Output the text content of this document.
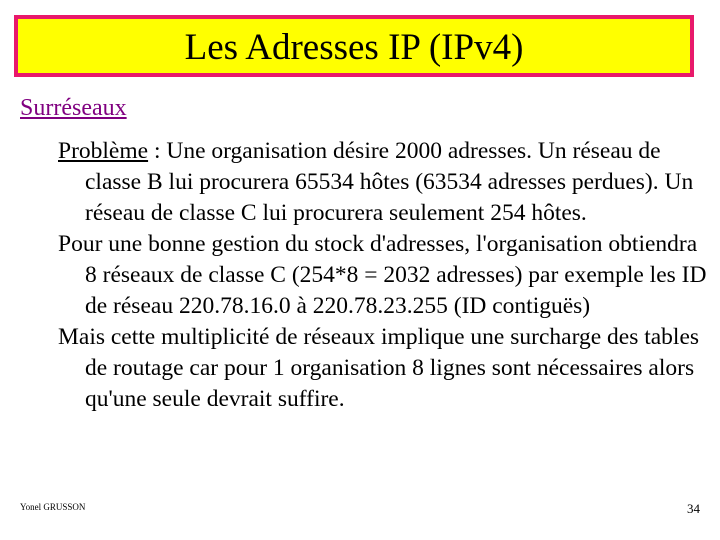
Les Adresses IP (IPv4)
Surréseaux

Problème : Une organisation désire 2000 adresses. Un réseau de classe B lui procurera 65534 hôtes (63534 adresses perdues). Un réseau de classe C lui procurera seulement 254 hôtes.

Pour une bonne gestion du stock d'adresses, l'organisation obtiendra 8 réseaux de classe C (254*8 = 2032 adresses) par exemple les ID de réseau 220.78.16.0 à 220.78.23.255 (ID contiguës)

Mais cette multiplicité de réseaux implique une surcharge des tables de routage car pour 1 organisation 8 lignes sont nécessaires alors qu'une seule devrait suffire.

Yonel GRUSSON	34
